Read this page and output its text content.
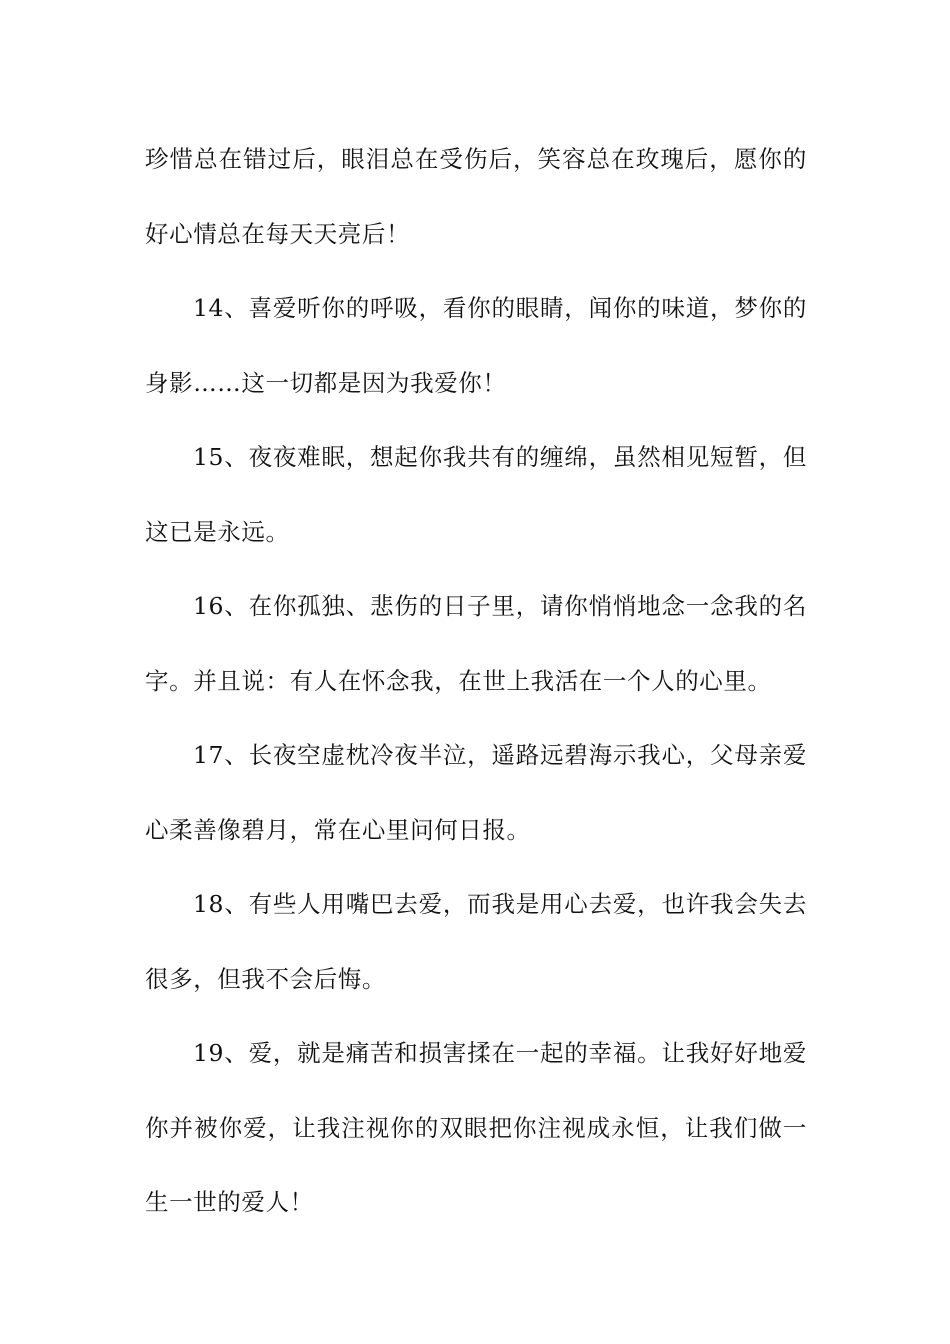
珍惜总在错过后，眼泪总在受伤后，笑容总在玫瑰后，愿你的好心情总在每天天亮后！

14、喜爱听你的呼吸，看你的眼睛，闻你的味道，梦你的身影……这一切都是因为我爱你！

15、夜夜难眠，想起你我共有的缠绵，虽然相见短暂，但这已是永远。

16、在你孤独、悲伤的日子里，请你悄悄地念一念我的名字。并且说：有人在怀念我，在世上我活在一个人的心里。

17、长夜空虚枕冷夜半泣，遥路远碧海示我心，父母亲爱心柔善像碧月，常在心里问何日报。

18、有些人用嘴巴去爱，而我是用心去爱，也许我会失去很多，但我不会后悔。

19、爱，就是痛苦和损害揉在一起的幸福。让我好好地爱你并被你爱，让我注视你的双眼把你注视成永恒，让我们做一生一世的爱人！
